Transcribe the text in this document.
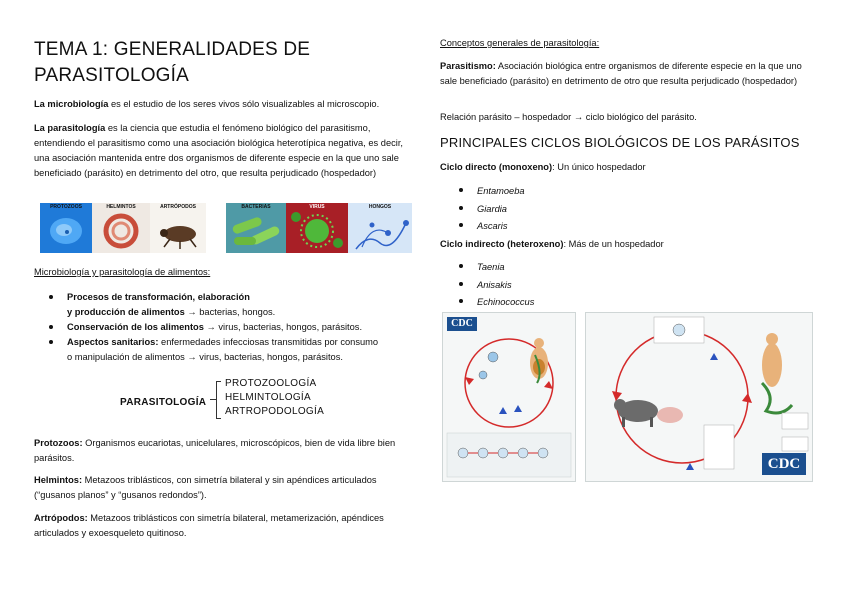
TEMA 1: GENERALIDADES DE
PARASITOLOGÍA
La microbiología es el estudio de los seres vivos sólo visualizables al microscopio.
La parasitología es la ciencia que estudia el fenómeno biológico del parasitismo, entendiendo el parasitismo como una asociación biológica heterotípica negativa, es decir, una asociación mantenida entre dos organismos de diferente especie en la que uno sale beneficiado (parásito) en detrimento del otro, que resulta perjudicado (hospedador)
PROTOZOOS	HELMINTOS	ARTRÓPODOS	BACTERIAS	VIRUS	HONGOS
Microbiología y parasitología de alimentos:
Procesos de transformación, elaboración
y producción de alimentos → bacterias, hongos.
Conservación de los alimentos → virus, bacterias, hongos, parásitos.
Aspectos sanitarios: enfermedades infecciosas transmitidas por consumo
o manipulación de alimentos → virus, bacterias, hongos, parásitos.
PARASITOLOGÍA
PROTOZOOLOGÍA
HELMINTOLOGÍA
ARTROPODOLOGÍA
Protozoos: Organismos eucariotas, unicelulares, microscópicos, bien de vida libre bien parásitos.
Helmintos: Metazoos triblásticos, con simetría bilateral y sin apéndices articulados (“gusanos planos” y “gusanos redondos”).
Artrópodos: Metazoos triblásticos con simetría bilateral, metamerización, apéndices articulados y exoesqueleto quitinoso.
Conceptos generales de parasitología:
Parasitismo: Asociación biológica entre organismos de diferente especie en la que uno sale beneficiado (parásito) en detrimento de otro que resulta perjudicado (hospedador)
Relación parásito – hospedador → ciclo biológico del parásito.
PRINCIPALES CICLOS BIOLÓGICOS DE LOS PARÁSITOS
Ciclo directo (monoxeno): Un único hospedador
Entamoeba
Giardia
Ascaris
Ciclo indirecto (heteroxeno): Más de un hospedador
Taenia
Anisakis
Echinococcus
CDC
CDC
